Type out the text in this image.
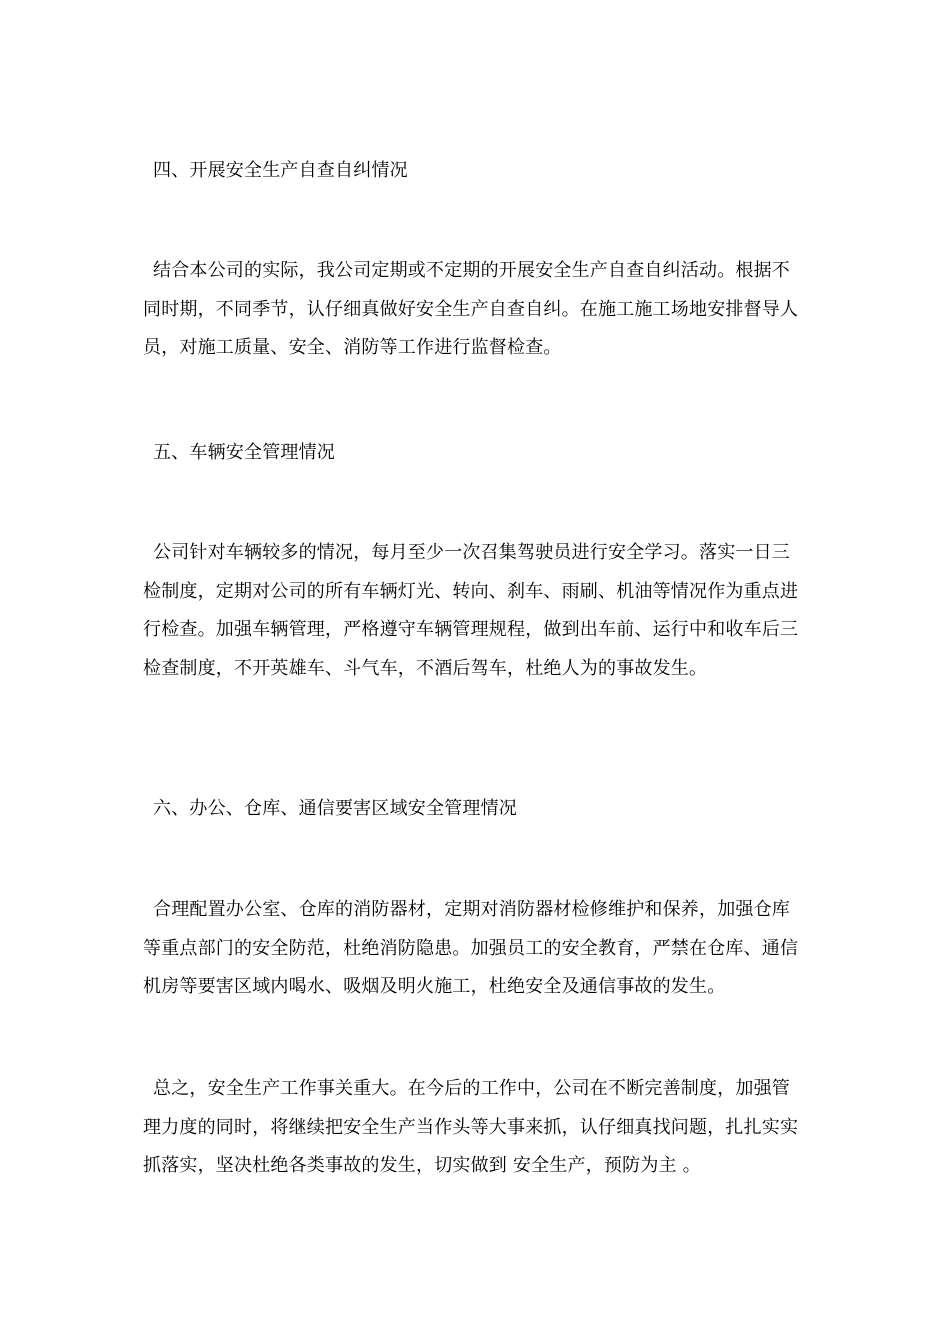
四、开展安全生产自查自纠情况

结合本公司的实际，我公司定期或不定期的开展安全生产自查自纠活动。根据不同时期，不同季节，认仔细真做好安全生产自查自纠。在施工施工场地安排督导人员，对施工质量、安全、消防等工作进行监督检查。

五、车辆安全管理情况

公司针对车辆较多的情况，每月至少一次召集驾驶员进行安全学习。落实一日三检制度，定期对公司的所有车辆灯光、转向、刹车、雨刷、机油等情况作为重点进行检查。加强车辆管理，严格遵守车辆管理规程，做到出车前、运行中和收车后三检查制度，不开英雄车、斗气车，不酒后驾车，杜绝人为的事故发生。

六、办公、仓库、通信要害区域安全管理情况

合理配置办公室、仓库的消防器材，定期对消防器材检修维护和保养，加强仓库等重点部门的安全防范，杜绝消防隐患。加强员工的安全教育，严禁在仓库、通信机房等要害区域内喝水、吸烟及明火施工，杜绝安全及通信事故的发生。

总之，安全生产工作事关重大。在今后的工作中，公司在不断完善制度，加强管理力度的同时，将继续把安全生产当作头等大事来抓，认仔细真找问题，扎扎实实抓落实，坚决杜绝各类事故的发生，切实做到 安全生产，预防为主 。
